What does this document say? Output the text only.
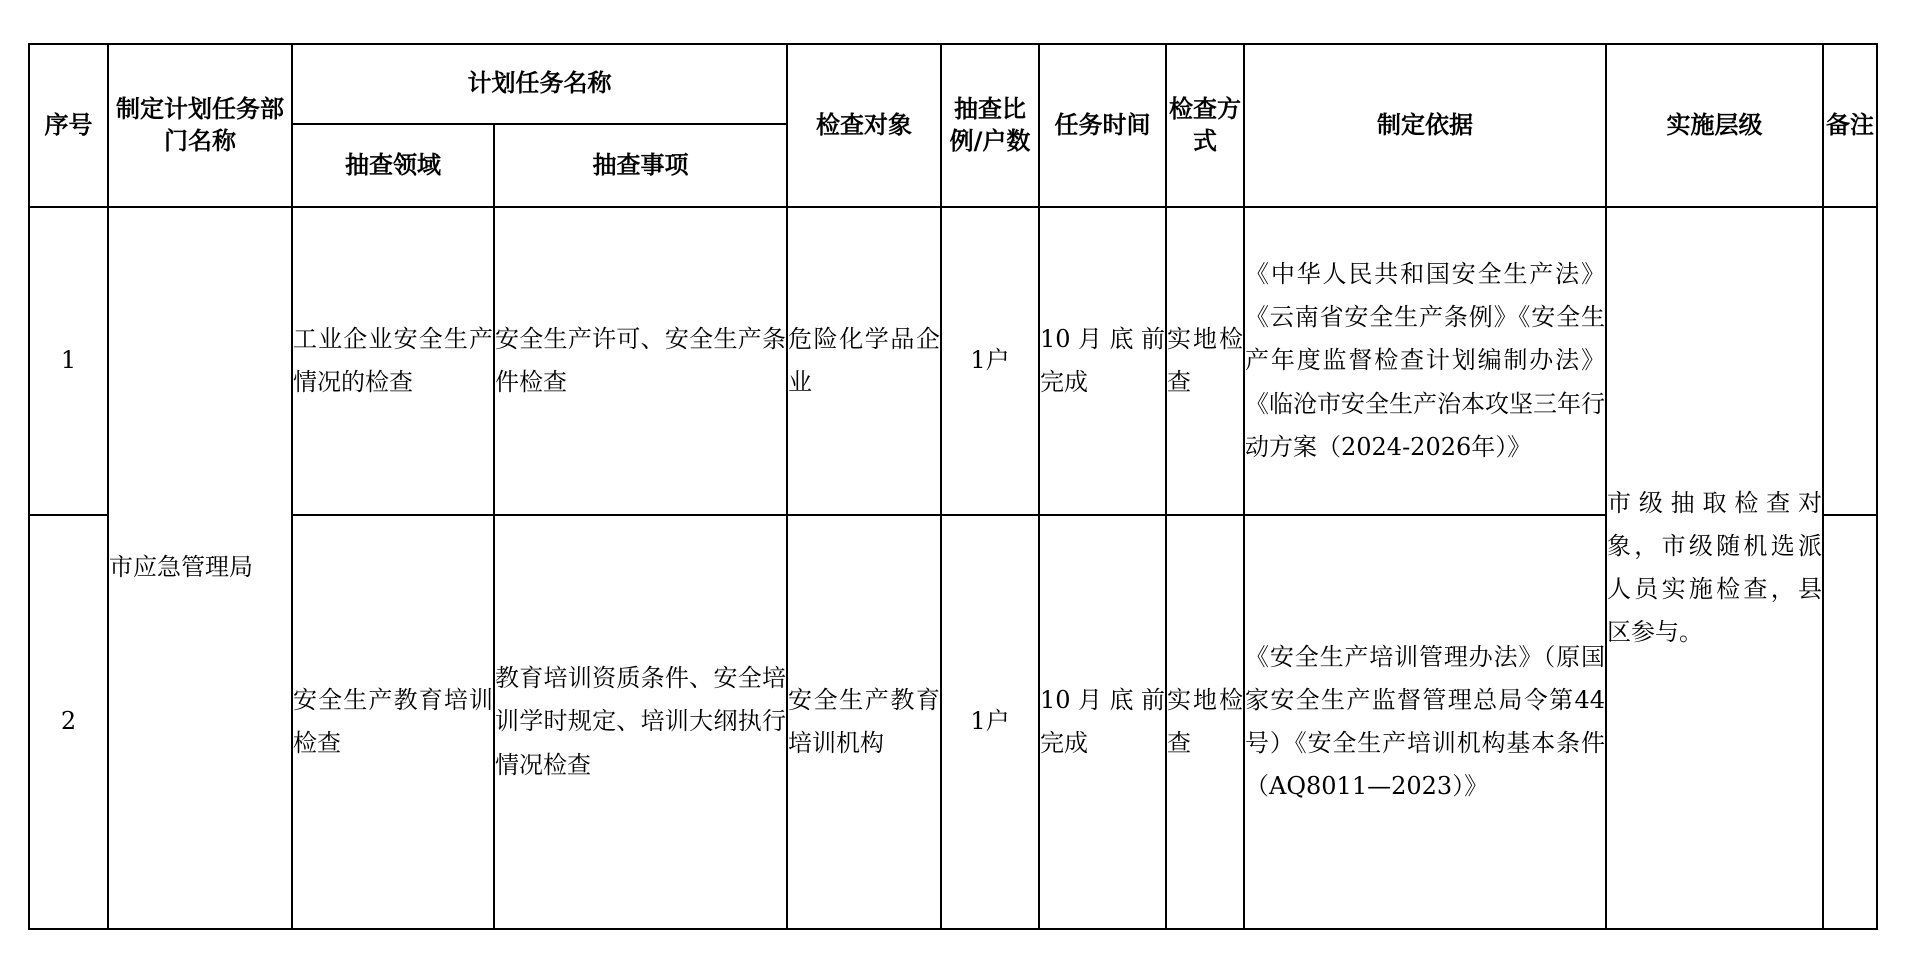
序号	制定计划任务部门名称	计划任务名称		检查对象	抽查比例/户数	任务时间	检查方式	制定依据	实施层级	备注
		抽查领域	抽查事项							
1	市应急管理局	工业企业安全生产情况的检查	安全生产许可、安全生产条件检查	危险化学品企业	1户	10月底前完成	实地检查	《中华人民共和国安全生产法》《云南省安全生产条例》《安全生产年度监督检查计划编制办法》《临沧市安全生产治本攻坚三年行动方案（2024-2026年）》	市级抽取检查对象，市级随机选派人员实施检查，县区参与。	
2		安全生产教育培训检查	教育培训资质条件、安全培训学时规定、培训大纲执行情况检查	安全生产教育培训机构	1户	10月底前完成	实地检查	《安全生产培训管理办法》（原国家安全生产监督管理总局令第44号）《安全生产培训机构基本条件（AQ8011—2023）》		
